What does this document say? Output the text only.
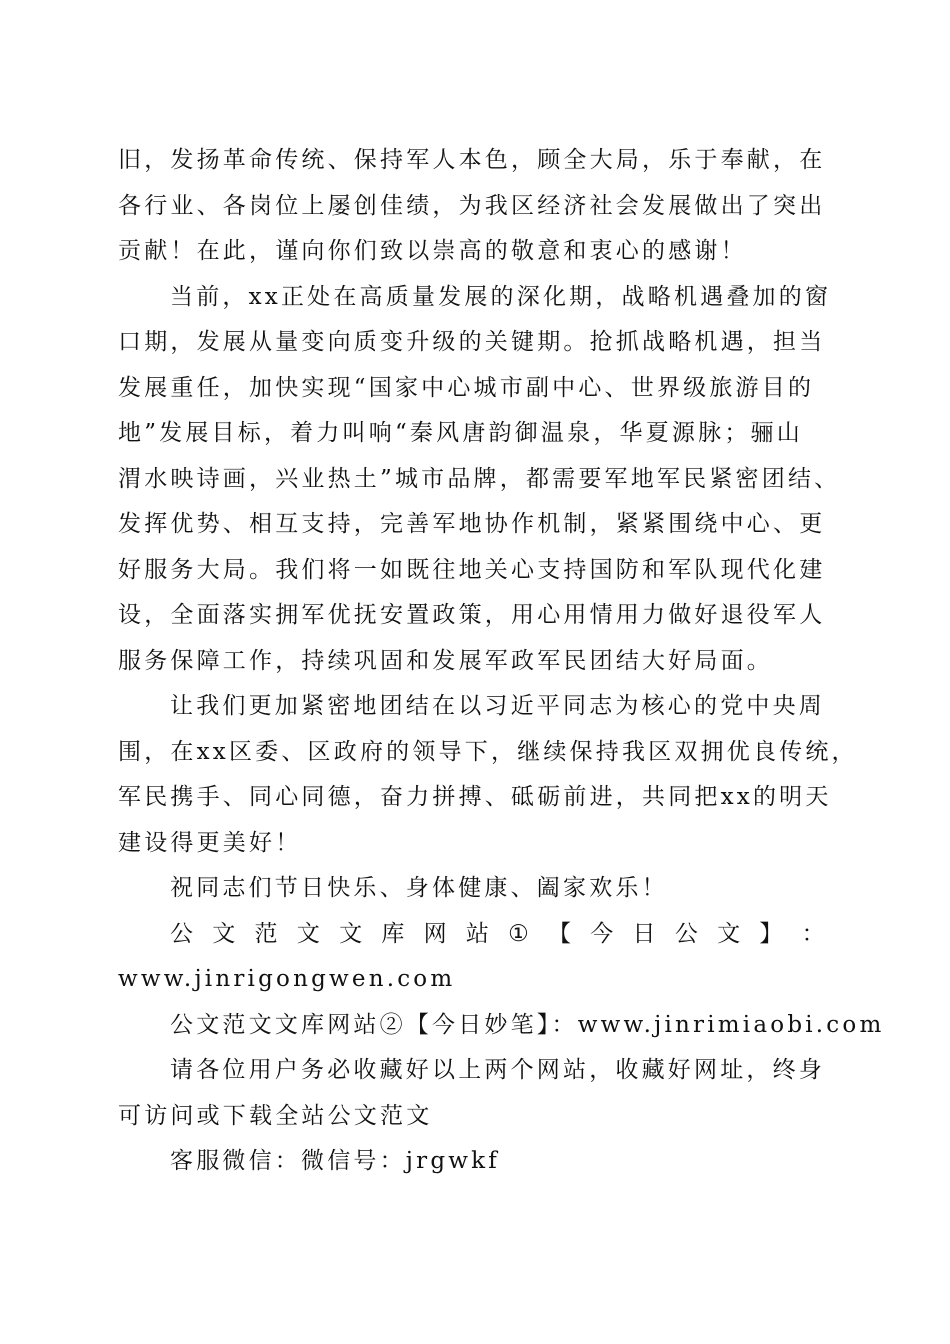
旧，发扬革命传统、保持军人本色，顾全大局，乐于奉献，在
各行业、各岗位上屡创佳绩，为我区经济社会发展做出了突出
贡献！在此，谨向你们致以崇高的敬意和衷心的感谢！
当前，xx正处在高质量发展的深化期，战略机遇叠加的窗
口期，发展从量变向质变升级的关键期。抢抓战略机遇，担当
发展重任，加快实现“国家中心城市副中心、世界级旅游目的
地”发展目标，着力叫响“秦风唐韵御温泉，华夏源脉；骊山
渭水映诗画，兴业热土”城市品牌，都需要军地军民紧密团结、
发挥优势、相互支持，完善军地协作机制，紧紧围绕中心、更
好服务大局。我们将一如既往地关心支持国防和军队现代化建
设，全面落实拥军优抚安置政策，用心用情用力做好退役军人
服务保障工作，持续巩固和发展军政军民团结大好局面。
让我们更加紧密地团结在以习近平同志为核心的党中央周
围，在xx区委、区政府的领导下，继续保持我区双拥优良传统，
军民携手、同心同德，奋力拼搏、砥砺前进，共同把xx的明天
建设得更美好！
祝同志们节日快乐、身体健康、阖家欢乐！
公 文 范 文 文 库 网 站 ① 【 今 日 公 文 】 ：
www.jinrigongwen.com
公文范文文库网站②【今日妙笔】：www.jinrimiaobi.com
请各位用户务必收藏好以上两个网站，收藏好网址，终身
可访问或下载全站公文范文
客服微信：微信号：jrgwkf
